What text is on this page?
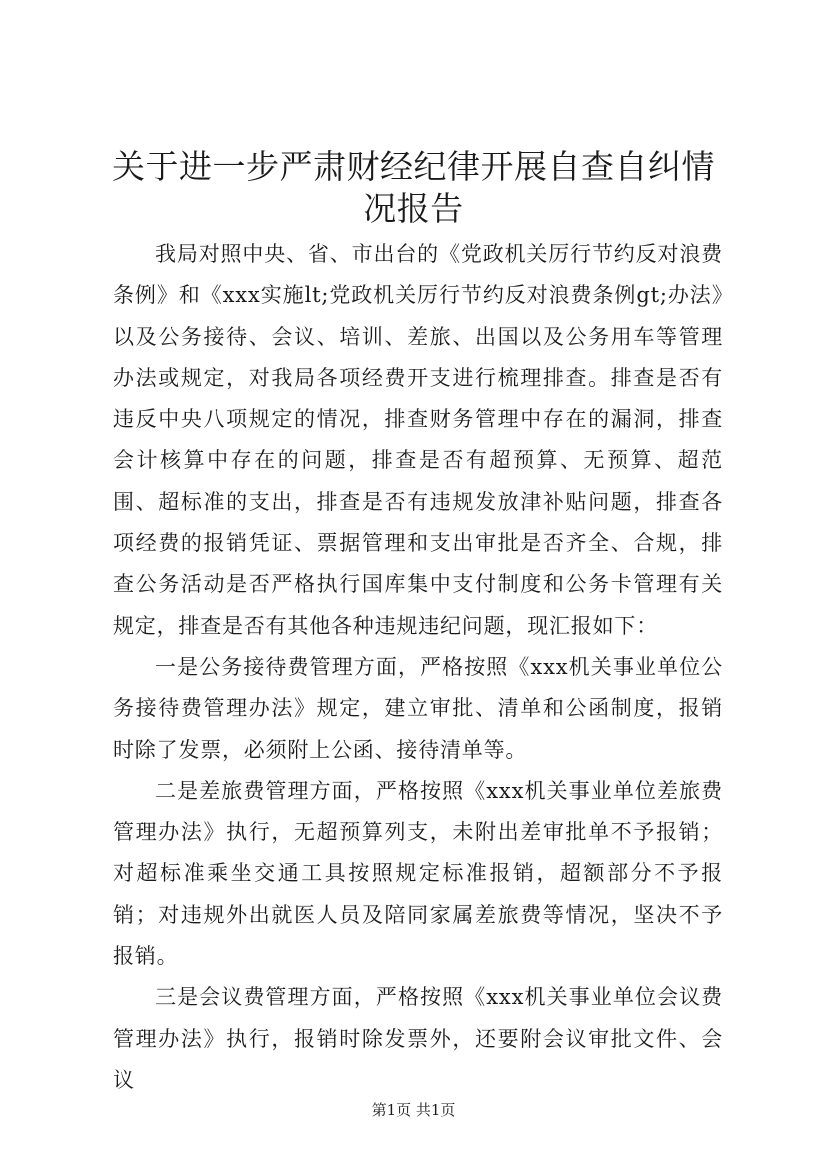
关于进一步严肃财经纪律开展自查自纠情况报告

我局对照中央、省、市出台的《党政机关厉行节约反对浪费条例》和《xxx实施lt;党政机关厉行节约反对浪费条例gt;办法》以及公务接待、会议、培训、差旅、出国以及公务用车等管理办法或规定，对我局各项经费开支进行梳理排查。排查是否有违反中央八项规定的情况，排查财务管理中存在的漏洞，排查会计核算中存在的问题，排查是否有超预算、无预算、超范围、超标准的支出，排查是否有违规发放津补贴问题，排查各项经费的报销凭证、票据管理和支出审批是否齐全、合规，排查公务活动是否严格执行国库集中支付制度和公务卡管理有关规定，排查是否有其他各种违规违纪问题，现汇报如下：

一是公务接待费管理方面，严格按照《xxx机关事业单位公务接待费管理办法》规定，建立审批、清单和公函制度，报销时除了发票，必须附上公函、接待清单等。

二是差旅费管理方面，严格按照《xxx机关事业单位差旅费管理办法》执行，无超预算列支，未附出差审批单不予报销；对超标准乘坐交通工具按照规定标准报销，超额部分不予报销；对违规外出就医人员及陪同家属差旅费等情况，坚决不予报销。

三是会议费管理方面，严格按照《xxx机关事业单位会议费管理办法》执行，报销时除发票外，还要附会议审批文件、会议

第1页 共1页
